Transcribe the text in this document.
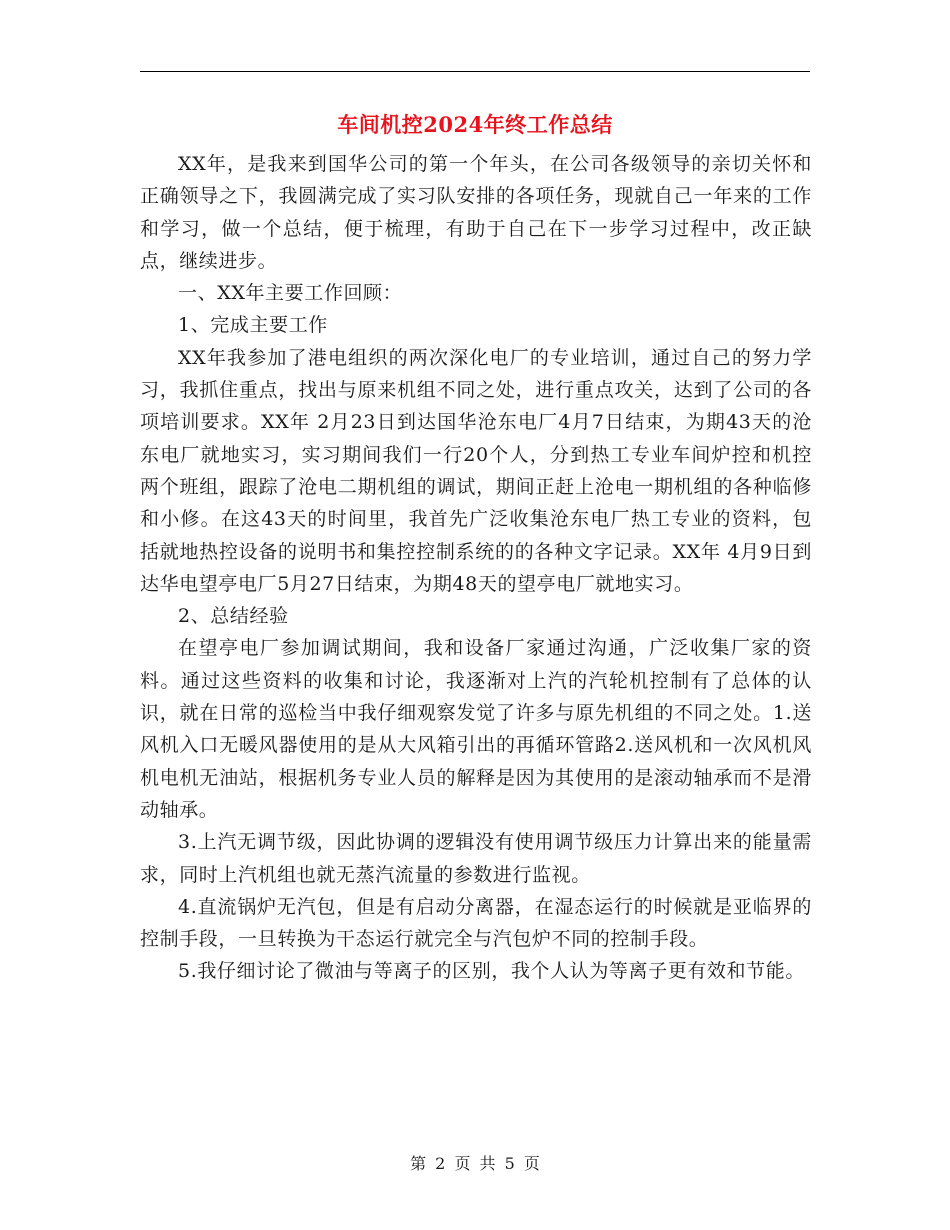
车间机控2024年终工作总结

XX年，是我来到国华公司的第一个年头，在公司各级领导的亲切关怀和正确领导之下，我圆满完成了实习队安排的各项任务，现就自己一年来的工作和学习，做一个总结，便于梳理，有助于自己在下一步学习过程中，改正缺点，继续进步。

一、XX年主要工作回顾：

1、完成主要工作

XX年我参加了港电组织的两次深化电厂的专业培训，通过自己的努力学习，我抓住重点，找出与原来机组不同之处，进行重点攻关，达到了公司的各项培训要求。XX年 2月23日到达国华沧东电厂4月7日结束，为期43天的沧东电厂就地实习，实习期间我们一行20个人，分到热工专业车间炉控和机控两个班组，跟踪了沧电二期机组的调试，期间正赶上沧电一期机组的各种临修和小修。在这43天的时间里，我首先广泛收集沧东电厂热工专业的资料，包括就地热控设备的说明书和集控控制系统的的各种文字记录。XX年 4月9日到达华电望亭电厂5月27日结束，为期48天的望亭电厂就地实习。

2、总结经验

在望亭电厂参加调试期间，我和设备厂家通过沟通，广泛收集厂家的资料。通过这些资料的收集和讨论，我逐渐对上汽的汽轮机控制有了总体的认识，就在日常的巡检当中我仔细观察发觉了许多与原先机组的不同之处。1.送风机入口无暖风器使用的是从大风箱引出的再循环管路2.送风机和一次风机风机电机无油站，根据机务专业人员的解释是因为其使用的是滚动轴承而不是滑动轴承。

3.上汽无调节级，因此协调的逻辑没有使用调节级压力计算出来的能量需求，同时上汽机组也就无蒸汽流量的参数进行监视。

4.直流锅炉无汽包，但是有启动分离器，在湿态运行的时候就是亚临界的控制手段，一旦转换为干态运行就完全与汽包炉不同的控制手段。

5.我仔细讨论了微油与等离子的区别，我个人认为等离子更有效和节能。

第 2 页 共 5 页
